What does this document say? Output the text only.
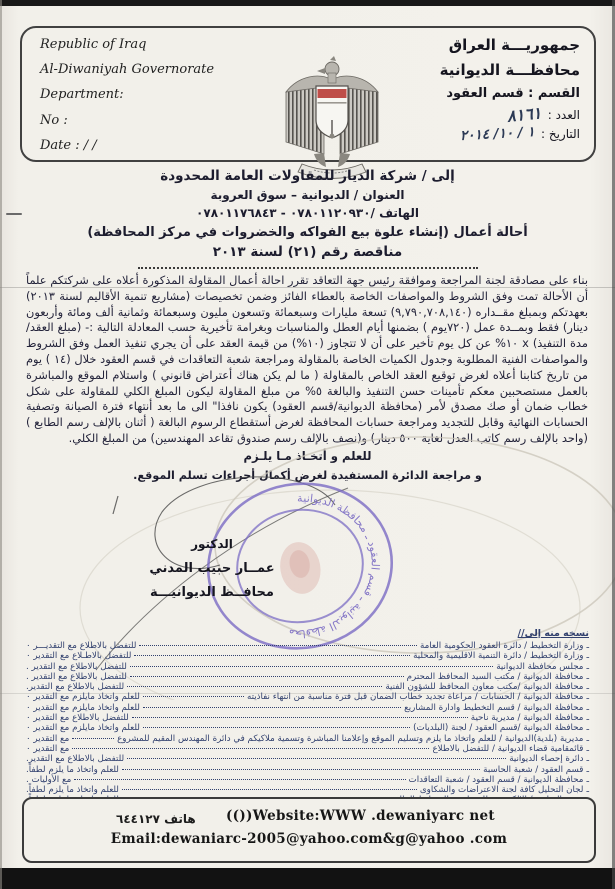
Republic of Iraq

Al-Diwaniyah Governorate

Department:

No :

Date : / /

جمهوريـــة العراق

محافظـــة الديوانية

القسم : قسم العقود

العدد :
٨١٦١
التاريخ :
٢٠١٤ /١٠ / ١

إلى / شركة الديار للمقاولات العامة المحدودة

العنوان / الديوانية – سوق العروبة

الهاتف /٠٧٨٠١١٢٠٩٣٠ - ٠٧٨٠١١٧٦٨٤٣

أحالة أعمال (إنشاء علوة بيع الفواكه والخضروات في مركز المحافظة)

مناقصة رقم (٢١) لسنة ٢٠١٣

بناء على مصادقة لجنة المراجعة وموافقة رئيس جهة التعاقد تقرر احالة أعمال المقاولة المذكورة أعلاه على شركتكم علماً أن الأحالة تمت وفق الشروط والمواصفات الخاصة بالعطاء الفائز وضمن تخصيصات (مشاريع تنمية الأقاليم لسنة ٢٠١٣) بعهدتكم وبمبلغ مقــداره (٩,٧٩٠,٧٠٨,١٤٠) تسعة مليارات وسبعمائة وتسعون مليون وسبعمائة وثمانية ألف ومائة وأربعون دينار) فقط وبمــدة عمل (٧٢٠يوم ) بضمنها أيام العطل والمناسبات وبغرامة تأخيرية حسب المعادلة التالية :- (مبلغ العقد/ مدة التنفيذ) x ١٠% عن كل يوم تأخير على أن لا تتجاوز (١٠%) من قيمة العقد على أن يجري تنفيذ العمل وفق الشروط والمواصفات الفنية المطلوبة وجدول الكميات الخاصة بالمقاولة ومراجعة شعبة التعاقدات في قسم العقود خلال (١٤ ) يوم من تاريخ كتابنا أعلاه لغرض توقيع العقد الخاص بالمقاولة ( ما لم يكن هناك أعتراض قانوني ) واستلام الموقع والمباشرة بالعمل مستصحبين معكم تأمينات حسن التنفيذ والبالغة ٥% من مبلغ المقاولة ليكون المبلغ الكلي للمقاولة على شكل خطاب ضمان أو صك مصدق لأمر (محافظة الديوانية/قسم العقود) يكون نافذا" الى ما بعد أنتهاء فترة الصيانة وتصفية الحسابات النهائية وقابل للتجديد ومراجعة حسابات المحافظة لغرض أستقطاع الرسوم البالغة ( أثنان بالإلف رسم الطابع ) (واحد بالإلف رسم كاتب العدل لغاية ٥٠٠ دينار) و(نصف بالإلف رسم صندوق تقاعد المهندسين) من المبلغ الكلي.
للعلم و أتخـاذ مـا يلـزم
و مراجعة الدائرة المستفيدة لغرض أكمال أجراءات تسلم الموقع.
محافظة الديوانية ـ قسم العقود ـ محافظة الديوانية

الدكتور

عمــار حبيب المدني

محافــظ الديوانيـــة

نسخه منه إلى//

ـ
وزارة التخطيط / دائرة العقود الحكومية العامة
للتفضل بالاطلاع مع التقديـــر ٠
ـ
وزارة التخطيط / دائرة التنمية الاقليمية والمحلية
للتفضل بالاطـلاع مع التقدير ٠
ـ
مجلس محافظة الديوانية
للتفضل بالاطلاع مع التقدير .
ـ
محافظة الديوانية / مكتب السيد المحافظ المحترم
للتفضل بالاطلاع مع التقدير .
ـ
محافظة الديوانية /مكتب معاون المحافظ للشؤون الفنية
للتفضل بالاطلاع مع التقدير.
ـ
محافظة الديوانية / الحسابات / مراعاة تجديد خطاب الضمان قبل فترة مناسبة من انتهاء نفاذيته
للعلم واتخاذ مايلزم مع التقدير ٠
ـ
محافظة الديوانية / قسم التخطيط وادارة المشاريع
للعلم واتخاذ مايلزم مع التقدير ٠
ـ
محافظة الديوانية / مديرية ناحية
للتفضل بالاطلاع مع التقدير ٠
ـ
محافظة الديوانية /قسم العقود / لجنة (البلديات)
للعلم واتخاذ مايلزم مع التقدير ٠
ـ
مديرية (بلدية)الديوانية / للعلم واتخاذ ما يلزم وتسليم الموقع وإعلامنا المباشرة وتسمية ملاكيكم في دائرة المهندس المقيم للمشروع
مع التقدير ٠
ـ
قائمقامية قضاء الديوانية / للتفضل بالاطلاع
مع التقدير ٠
ـ
دائرة إحصاء الديوانية
للتفضل بالاطلاع مع التقدير.
ـ
قسم العقود / شعبة الحاسبة
للعلم واتخاذ ما يلزم لطفاً.
ـ
محافظة الديوانية / قسم العقود / شعبة التعاقدات
مع الأوليات .
ـ
لجان التحليل كافة لجنة الاعتراضات والشكاوى
للعلم واتخاذ ما يلزم لطفاً.
هاتف ٦٤٤١٢٧ (())Website:WWW .dewaniyarc net
Email:dewaniarc-2005@yahoo.com&g@yahoo .com
